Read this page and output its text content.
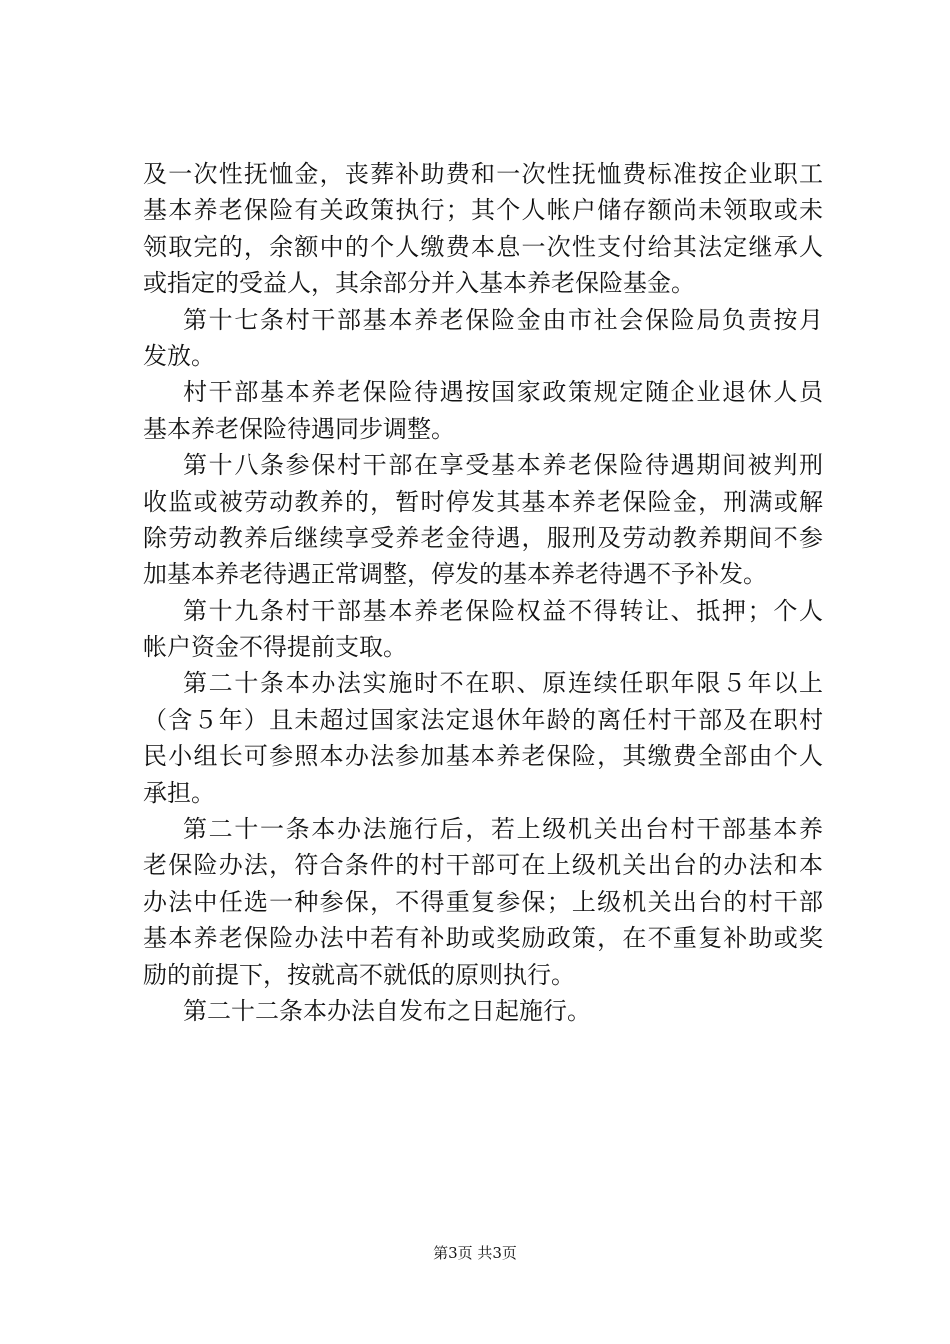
及一次性抚恤金，丧葬补助费和一次性抚恤费标准按企业职工
基本养老保险有关政策执行；其个人帐户储存额尚未领取或未
领取完的，余额中的个人缴费本息一次性支付给其法定继承人
或指定的受益人，其余部分并入基本养老保险基金。
第十七条村干部基本养老保险金由市社会保险局负责按月
发放。
村干部基本养老保险待遇按国家政策规定随企业退休人员
基本养老保险待遇同步调整。
第十八条参保村干部在享受基本养老保险待遇期间被判刑
收监或被劳动教养的，暂时停发其基本养老保险金，刑满或解
除劳动教养后继续享受养老金待遇，服刑及劳动教养期间不参
加基本养老待遇正常调整，停发的基本养老待遇不予补发。
第十九条村干部基本养老保险权益不得转让、抵押；个人
帐户资金不得提前支取。
第二十条本办法实施时不在职、原连续任职年限５年以上
（含５年）且未超过国家法定退休年龄的离任村干部及在职村
民小组长可参照本办法参加基本养老保险，其缴费全部由个人
承担。
第二十一条本办法施行后，若上级机关出台村干部基本养
老保险办法，符合条件的村干部可在上级机关出台的办法和本
办法中任选一种参保，不得重复参保；上级机关出台的村干部
基本养老保险办法中若有补助或奖励政策，在不重复补助或奖
励的前提下，按就高不就低的原则执行。
第二十二条本办法自发布之日起施行。
第3页 共3页
